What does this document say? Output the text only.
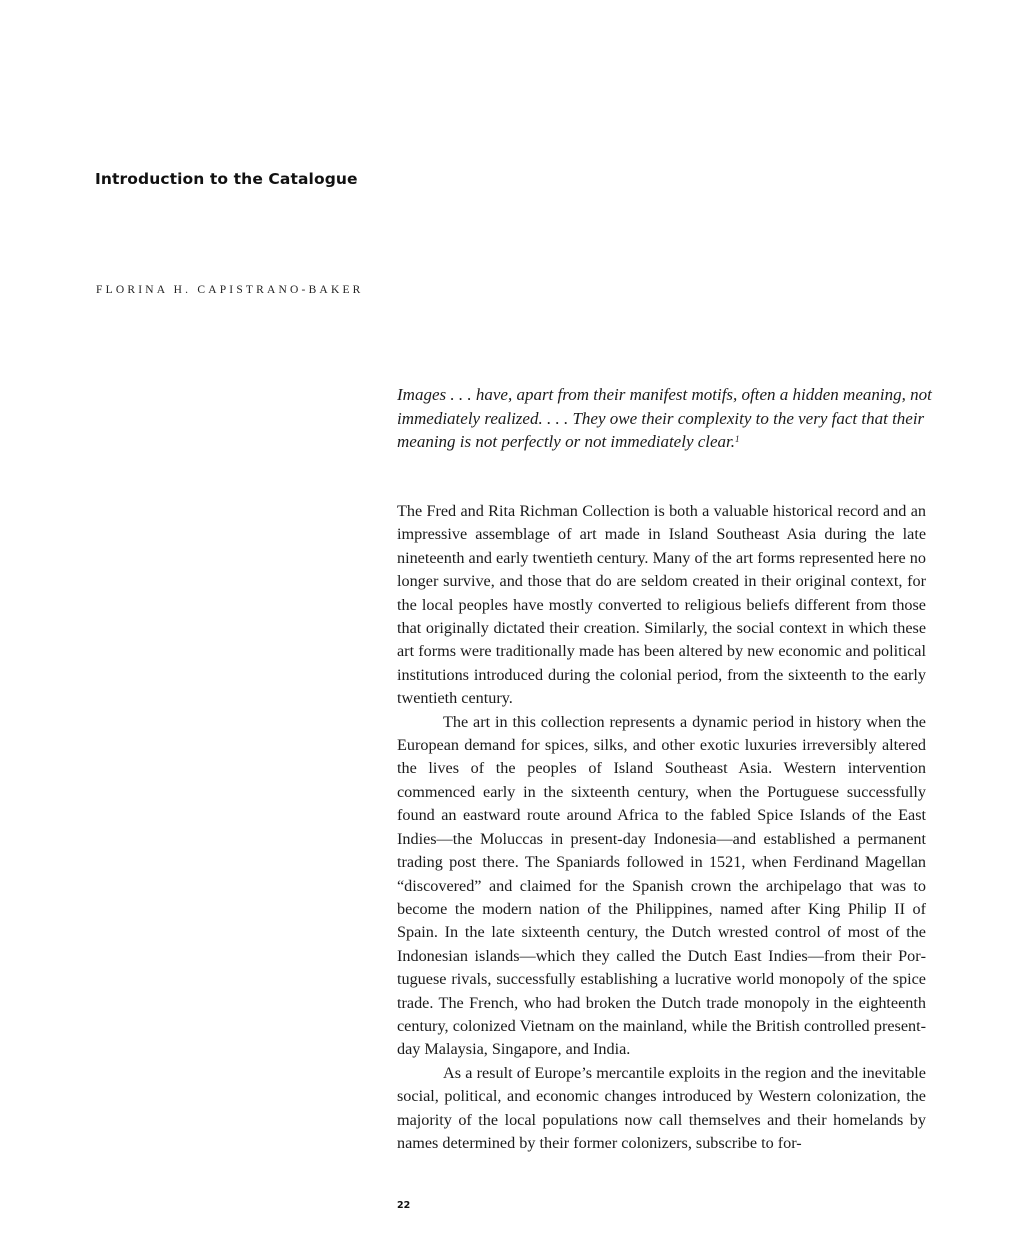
Introduction to the Catalogue
FLORINA H. CAPISTRANO-BAKER
Images . . . have, apart from their manifest motifs, often a hidden meaning, not immediately realized. . . . They owe their complexity to the very fact that their meaning is not perfectly or not immediately clear.$^1$

The Fred and Rita Richman Collection is both a valuable historical record and an impressive assemblage of art made in Island Southeast Asia during the late nineteenth and early twentieth century. Many of the art forms represented here no longer survive, and those that do are seldom created in their original context, for the local peoples have mostly converted to religious beliefs different from those that originally dictated their creation. Similarly, the social context in which these art forms were traditionally made has been altered by new economic and political institutions introduced during the colonial period, from the sixteenth to the early twentieth century.

The art in this collection represents a dynamic period in history when the European demand for spices, silks, and other exotic luxuries irreversibly altered the lives of the peoples of Island Southeast Asia. Western intervention commenced early in the sixteenth century, when the Portuguese successfully found an eastward route around Africa to the fabled Spice Islands of the East Indies—the Moluccas in present-day Indonesia—and established a permanent trading post there. The Spaniards followed in 1521, when Ferdinand Magellan “discovered” and claimed for the Spanish crown the archipelago that was to become the modern nation of the Philippines, named after King Philip II of Spain. In the late sixteenth century, the Dutch wrested control of most of the Indonesian islands—which they called the Dutch East Indies—from their Portuguese rivals, successfully establishing a lucrative world monopoly of the spice trade. The French, who had broken the Dutch trade monopoly in the eighteenth century, colonized Vietnam on the mainland, while the British controlled present-day Malaysia, Singapore, and India.

As a result of Europe’s mercantile exploits in the region and the inevitable social, political, and economic changes introduced by Western colonization, the majority of the local populations now call themselves and their homelands by names determined by their former colonizers, subscribe to for-

22
